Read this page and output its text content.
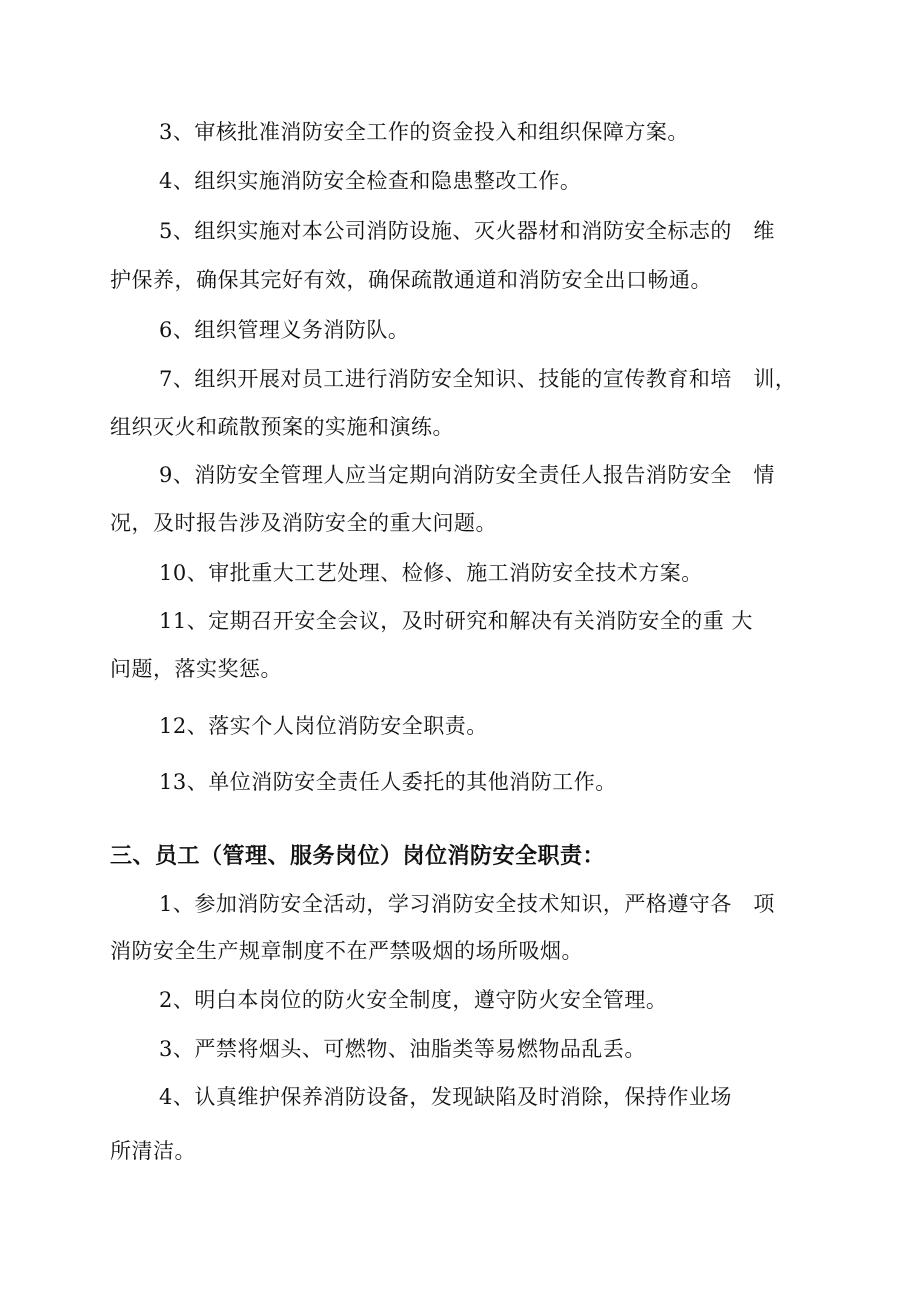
3、审核批准消防安全工作的资金投入和组织保障方案。
4、组织实施消防安全检查和隐患整改工作。
5、组织实施对本公司消防设施、灭火器材和消防安全标志的　维
护保养，确保其完好有效，确保疏散通道和消防安全出口畅通。
6、组织管理义务消防队。
7、组织开展对员工进行消防安全知识、技能的宣传教育和培　训，
组织灭火和疏散预案的实施和演练。
9、消防安全管理人应当定期向消防安全责任人报告消防安全　情
况，及时报告涉及消防安全的重大问题。
10、审批重大工艺处理、检修、施工消防安全技术方案。
11、定期召开安全会议，及时研究和解决有关消防安全的重 大
问题，落实奖惩。
12、落实个人岗位消防安全职责。
13、单位消防安全责任人委托的其他消防工作。
三、员工（管理、服务岗位）岗位消防安全职责：
1、参加消防安全活动，学习消防安全技术知识，严格遵守各　项
消防安全生产规章制度不在严禁吸烟的场所吸烟。
2、明白本岗位的防火安全制度，遵守防火安全管理。
3、严禁将烟头、可燃物、油脂类等易燃物品乱丢。
4、认真维护保养消防设备，发现缺陷及时消除，保持作业场
所清洁。
